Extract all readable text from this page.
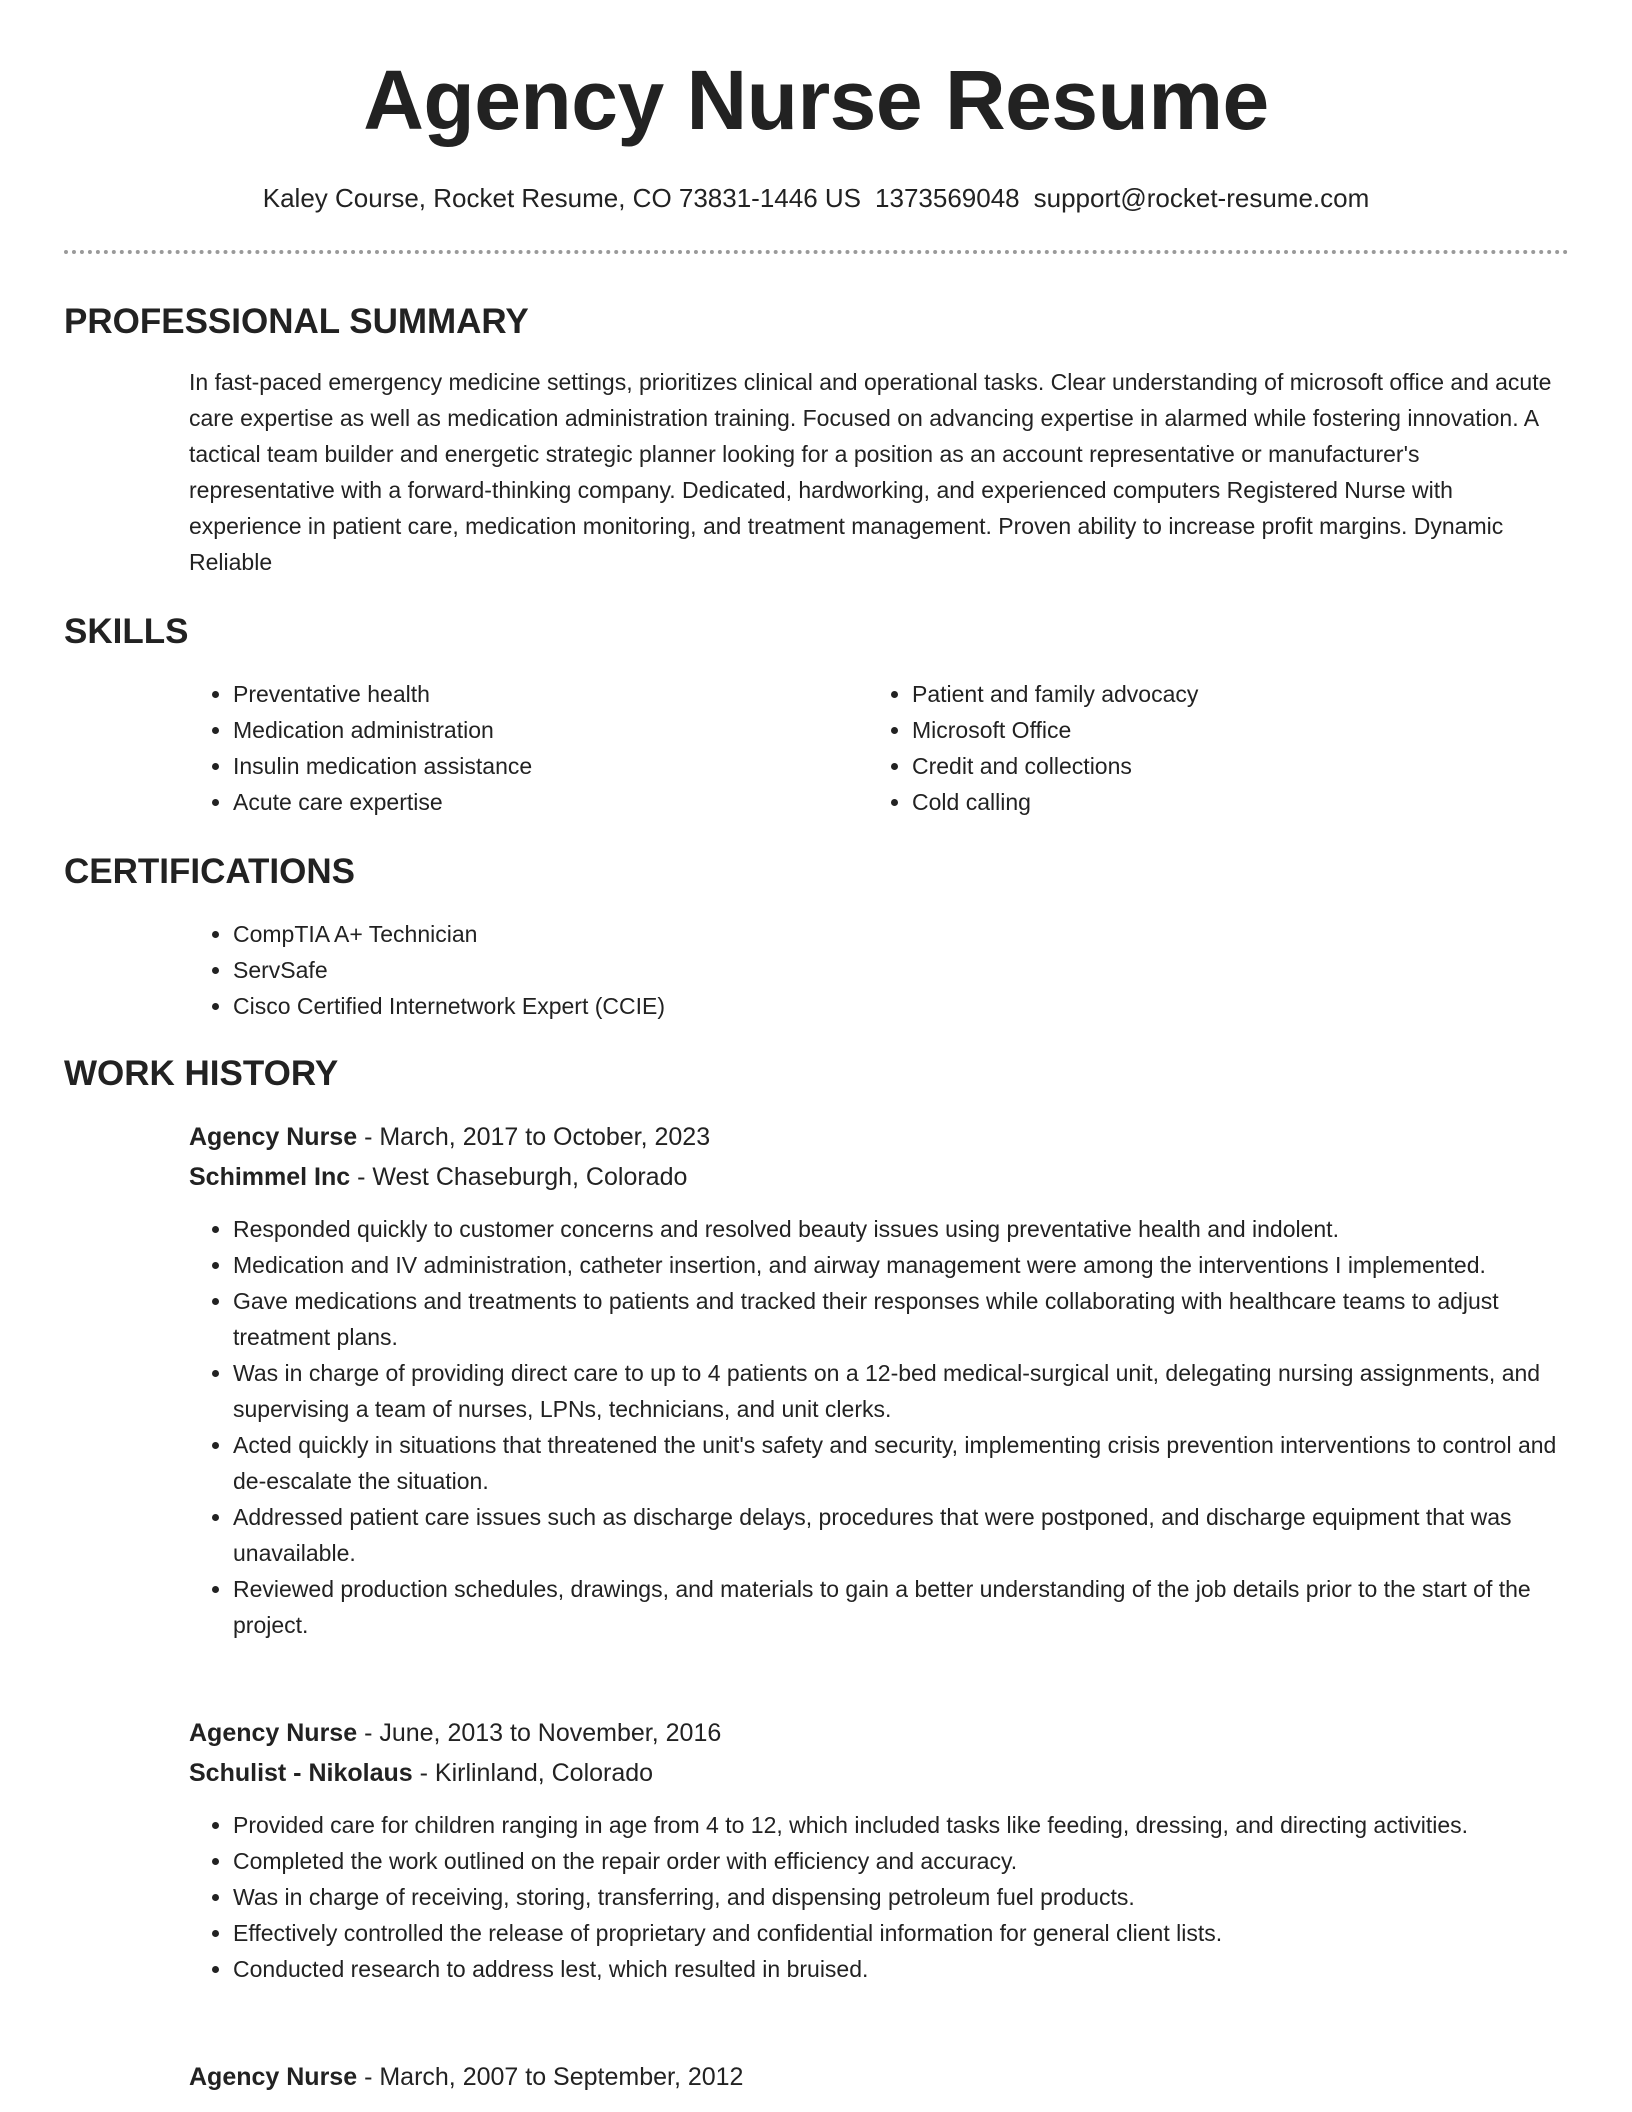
Agency Nurse Resume
Kaley Course, Rocket Resume, CO 73831-1446 US 1373569048 support@rocket-resume.com
PROFESSIONAL SUMMARY

In fast-paced emergency medicine settings, prioritizes clinical and operational tasks. Clear understanding of microsoft office and acute care expertise as well as medication administration training. Focused on advancing expertise in alarmed while fostering innovation. A tactical team builder and energetic strategic planner looking for a position as an account representative or manufacturer's representative with a forward-thinking company. Dedicated, hardworking, and experienced computers Registered Nurse with experience in patient care, medication monitoring, and treatment management. Proven ability to increase profit margins. Dynamic Reliable

SKILLS
• Preventative health
• Medication administration
• Insulin medication assistance
• Acute care expertise
• Patient and family advocacy
• Microsoft Office
• Credit and collections
• Cold calling
CERTIFICATIONS
• CompTIA A+ Technician
• ServSafe
• Cisco Certified Internetwork Expert (CCIE)
WORK HISTORY
Agency Nurse - March, 2017 to October, 2023
Schimmel Inc - West Chaseburgh, Colorado
• Responded quickly to customer concerns and resolved beauty issues using preventative health and indolent.
• Medication and IV administration, catheter insertion, and airway management were among the interventions I implemented.
• Gave medications and treatments to patients and tracked their responses while collaborating with healthcare teams to adjust treatment plans.
• Was in charge of providing direct care to up to 4 patients on a 12-bed medical-surgical unit, delegating nursing assignments, and supervising a team of nurses, LPNs, technicians, and unit clerks.
• Acted quickly in situations that threatened the unit's safety and security, implementing crisis prevention interventions to control and de-escalate the situation.
• Addressed patient care issues such as discharge delays, procedures that were postponed, and discharge equipment that was unavailable.
• Reviewed production schedules, drawings, and materials to gain a better understanding of the job details prior to the start of the project.
Agency Nurse - June, 2013 to November, 2016
Schulist - Nikolaus - Kirlinland, Colorado
• Provided care for children ranging in age from 4 to 12, which included tasks like feeding, dressing, and directing activities.
• Completed the work outlined on the repair order with efficiency and accuracy.
• Was in charge of receiving, storing, transferring, and dispensing petroleum fuel products.
• Effectively controlled the release of proprietary and confidential information for general client lists.
• Conducted research to address lest, which resulted in bruised.
Agency Nurse - March, 2007 to September, 2012
